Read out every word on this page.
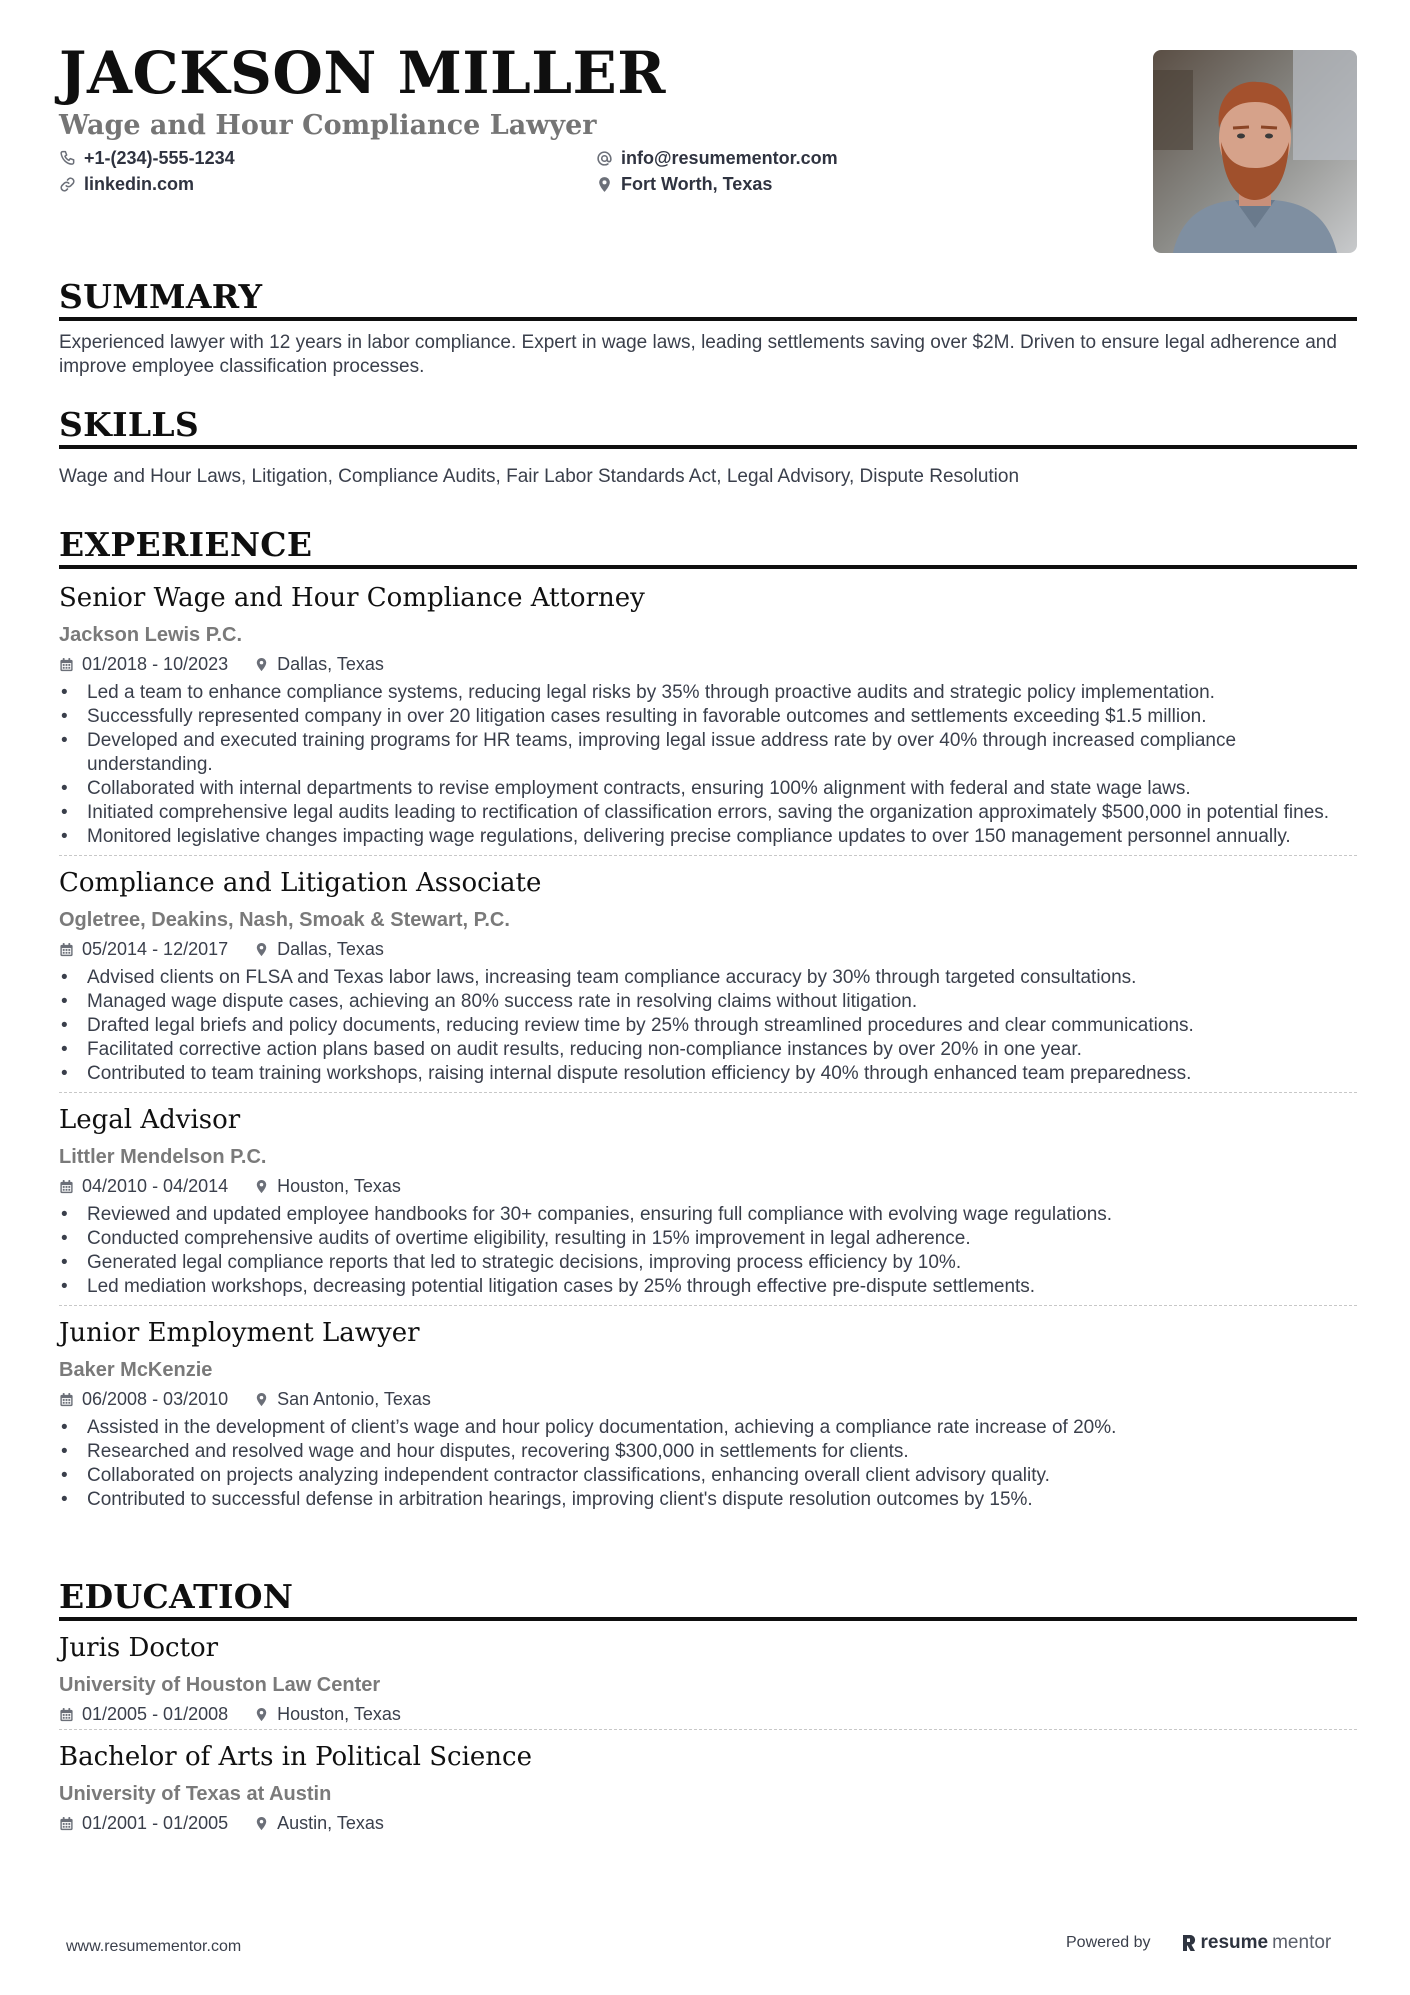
JACKSON MILLER
Wage and Hour Compliance Lawyer
+1-(234)-555-1234
linkedin.com
info@resumementor.com
Fort Worth, Texas
SUMMARY
Experienced lawyer with 12 years in labor compliance. Expert in wage laws, leading settlements saving over $2M. Driven to ensure legal adherence and improve employee classification processes.
SKILLS
Wage and Hour Laws, Litigation, Compliance Audits, Fair Labor Standards Act, Legal Advisory, Dispute Resolution
EXPERIENCE
Senior Wage and Hour Compliance Attorney
Jackson Lewis P.C.
01/2018 - 10/2023	Dallas, Texas
• Led a team to enhance compliance systems, reducing legal risks by 35% through proactive audits and strategic policy implementation.
• Successfully represented company in over 20 litigation cases resulting in favorable outcomes and settlements exceeding $1.5 million.
• Developed and executed training programs for HR teams, improving legal issue address rate by over 40% through increased compliance understanding.
• Collaborated with internal departments to revise employment contracts, ensuring 100% alignment with federal and state wage laws.
• Initiated comprehensive legal audits leading to rectification of classification errors, saving the organization approximately $500,000 in potential fines.
• Monitored legislative changes impacting wage regulations, delivering precise compliance updates to over 150 management personnel annually.
Compliance and Litigation Associate
Ogletree, Deakins, Nash, Smoak & Stewart, P.C.
05/2014 - 12/2017	Dallas, Texas
• Advised clients on FLSA and Texas labor laws, increasing team compliance accuracy by 30% through targeted consultations.
• Managed wage dispute cases, achieving an 80% success rate in resolving claims without litigation.
• Drafted legal briefs and policy documents, reducing review time by 25% through streamlined procedures and clear communications.
• Facilitated corrective action plans based on audit results, reducing non-compliance instances by over 20% in one year.
• Contributed to team training workshops, raising internal dispute resolution efficiency by 40% through enhanced team preparedness.
Legal Advisor
Littler Mendelson P.C.
04/2010 - 04/2014	Houston, Texas
• Reviewed and updated employee handbooks for 30+ companies, ensuring full compliance with evolving wage regulations.
• Conducted comprehensive audits of overtime eligibility, resulting in 15% improvement in legal adherence.
• Generated legal compliance reports that led to strategic decisions, improving process efficiency by 10%.
• Led mediation workshops, decreasing potential litigation cases by 25% through effective pre-dispute settlements.
Junior Employment Lawyer
Baker McKenzie
06/2008 - 03/2010	San Antonio, Texas
• Assisted in the development of client’s wage and hour policy documentation, achieving a compliance rate increase of 20%.
• Researched and resolved wage and hour disputes, recovering $300,000 in settlements for clients.
• Collaborated on projects analyzing independent contractor classifications, enhancing overall client advisory quality.
• Contributed to successful defense in arbitration hearings, improving client's dispute resolution outcomes by 15%.
EDUCATION
Juris Doctor
University of Houston Law Center
01/2005 - 01/2008	Houston, Texas
Bachelor of Arts in Political Science
University of Texas at Austin
01/2001 - 01/2005	Austin, Texas
www.resumementor.com	Powered by	resume mentor
